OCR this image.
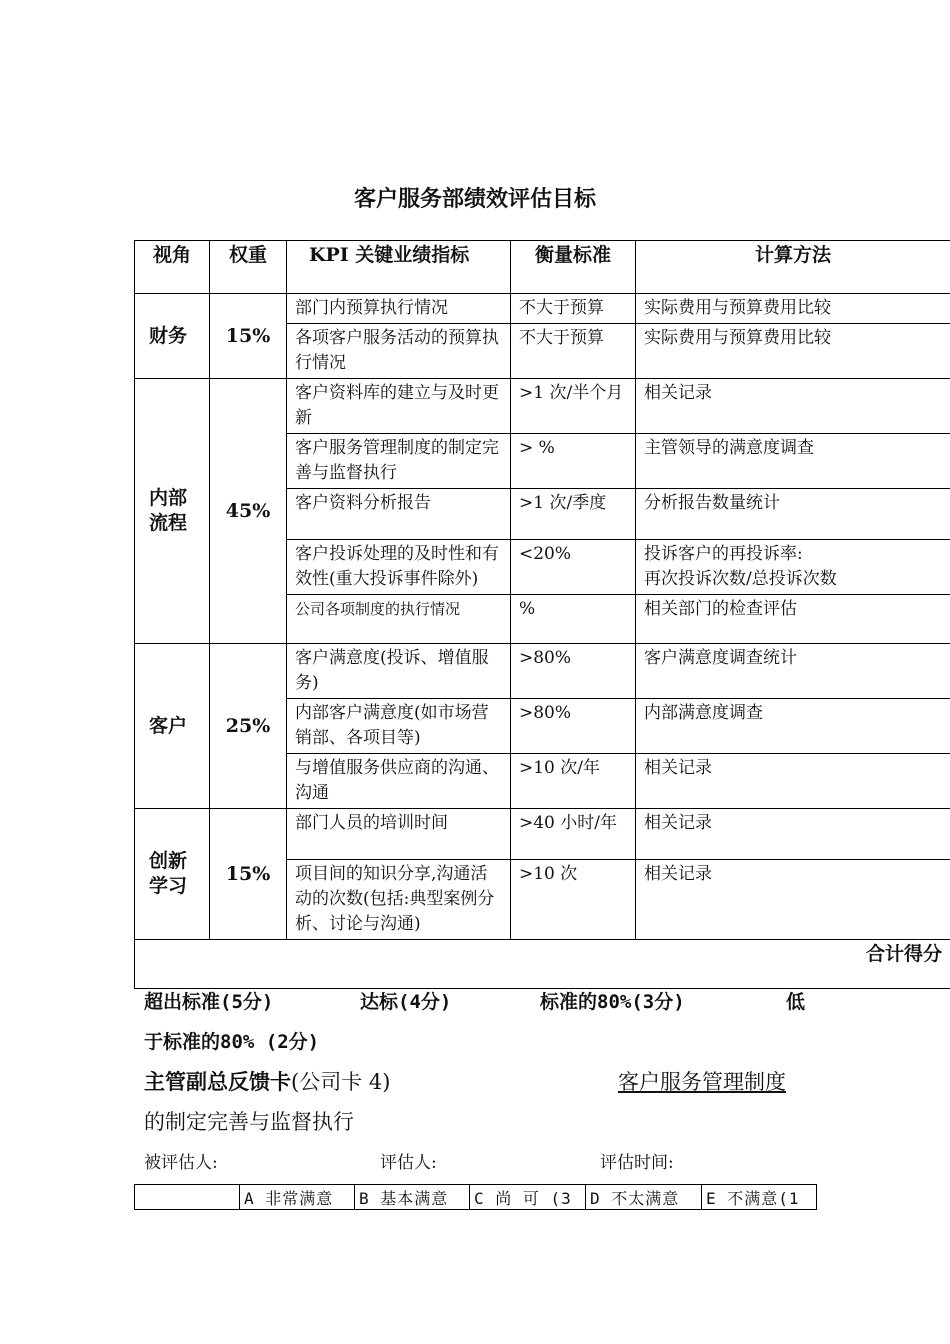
客户服务部绩效评估目标
视角	权重	KPI 关键业绩指标	衡量标准	计算方法
财务	15%	部门内预算执行情况	不大于预算	实际费用与预算费用比较
		各项客户服务活动的预算执行情况	不大于预算	实际费用与预算费用比较
内部流程	45%	客户资料库的建立与及时更新	>1 次/半个月	相关记录
		客户服务管理制度的制定完善与监督执行	> %	主管领导的满意度调查
		客户资料分析报告	>1 次/季度	分析报告数量统计
		客户投诉处理的及时性和有效性(重大投诉事件除外)	<20%	投诉客户的再投诉率:
再次投诉次数/总投诉次数

		公司各项制度的执行情况	%	相关部门的检查评估
客户	25%	客户满意度(投诉、增值服务)	>80%	客户满意度调查统计
		内部客户满意度(如市场营销部、各项目等)	>80%	内部满意度调查
		与增值服务供应商的沟通、沟通	>10 次/年	相关记录
创新学习	15%	部门人员的培训时间	>40 小时/年	相关记录
		项目间的知识分享,沟通活动的次数(包括:典型案例分析、讨论与沟通)	>10 次	相关记录
合计得分				
超出标准(5分)	达标(4分)	标准的80%(3分)	低
于标准的80% (2分)
主管副总反馈卡(公司卡 4)	客户服务管理制度

的制定完善与监督执行
被评估人:	评估人:	评估时间:
	A 非常满意	B 基本满意	C 尚 可 (3	D 不太满意	E 不满意(1
